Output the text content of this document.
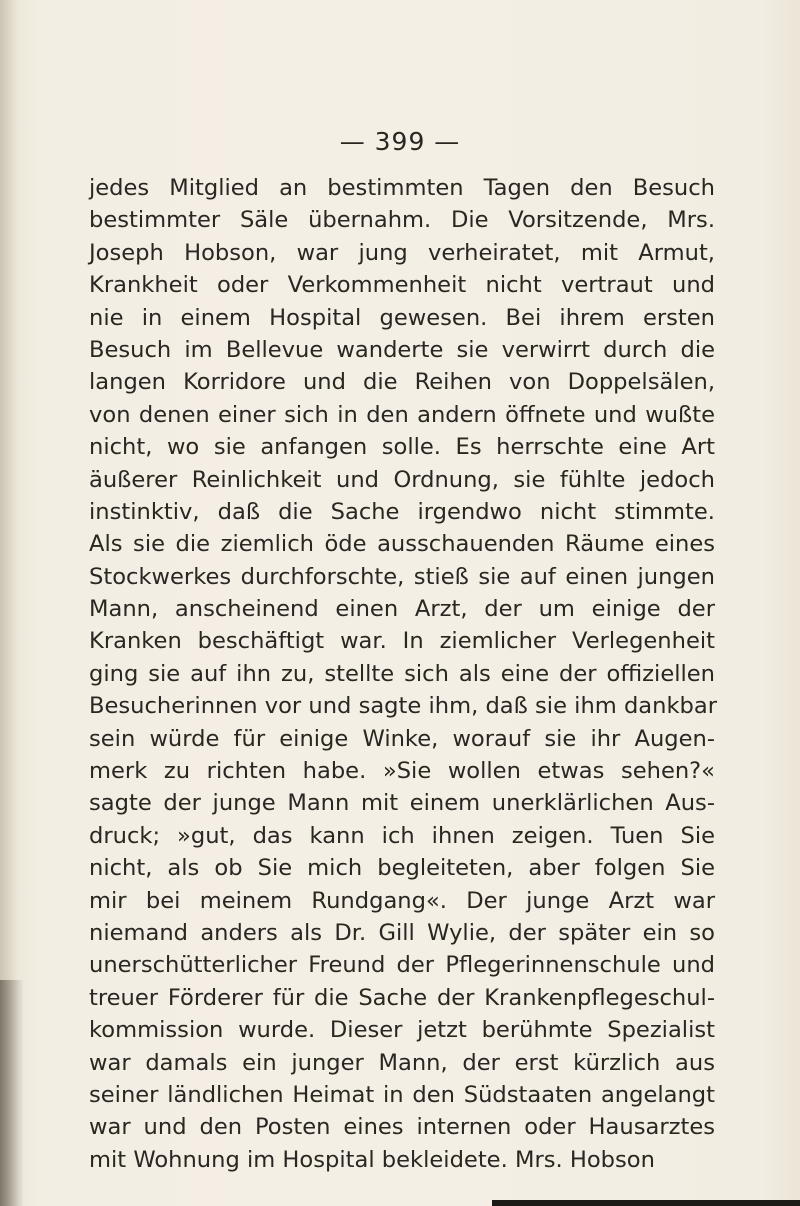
— 399 —
jedes Mitglied an bestimmten Tagen den Besuch
bestimmter Säle übernahm. Die Vorsitzende, Mrs.
Joseph Hobson, war jung verheiratet, mit Armut,
Krankheit oder Verkommenheit nicht vertraut und
nie in einem Hospital gewesen. Bei ihrem ersten
Besuch im Bellevue wanderte sie verwirrt durch die
langen Korridore und die Reihen von Doppelsälen,
von denen einer sich in den andern öffnete und wußte
nicht, wo sie anfangen solle. Es herrschte eine Art
äußerer Reinlichkeit und Ordnung, sie fühlte jedoch
instinktiv, daß die Sache irgendwo nicht stimmte.
Als sie die ziemlich öde ausschauenden Räume eines
Stockwerkes durchforschte, stieß sie auf einen jungen
Mann, anscheinend einen Arzt, der um einige der
Kranken beschäftigt war. In ziemlicher Verlegenheit
ging sie auf ihn zu, stellte sich als eine der offiziellen
Besucherinnen vor und sagte ihm, daß sie ihm dankbar
sein würde für einige Winke, worauf sie ihr Augen-
merk zu richten habe. »Sie wollen etwas sehen?«
sagte der junge Mann mit einem unerklärlichen Aus-
druck; »gut, das kann ich ihnen zeigen. Tuen Sie
nicht, als ob Sie mich begleiteten, aber folgen Sie
mir bei meinem Rundgang«. Der junge Arzt war
niemand anders als Dr. Gill Wylie, der später ein so
unerschütterlicher Freund der Pflegerinnenschule und
treuer Förderer für die Sache der Krankenpflegeschul-
kommission wurde. Dieser jetzt berühmte Spezialist
war damals ein junger Mann, der erst kürzlich aus
seiner ländlichen Heimat in den Südstaaten angelangt
war und den Posten eines internen oder Hausarztes
mit Wohnung im Hospital bekleidete. Mrs. Hobson
